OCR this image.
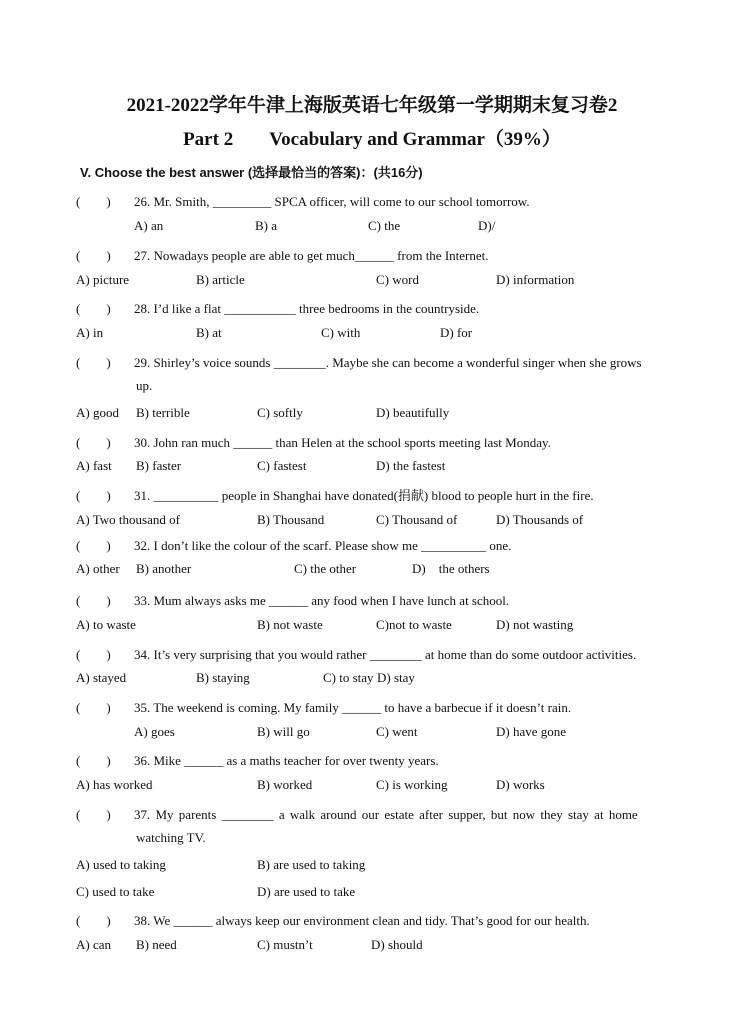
2021-2022学年牛津上海版英语七年级第一学期期末复习卷2
Part 2 Vocabulary and Grammar（39%）
V. Choose the best answer (选择最恰当的答案)：(共16分)
(　　) 26. Mr. Smith, _________ SPCA officer, will come to our school tomorrow.
A) an	B) a	C) the	D)/
(　　) 27. Nowadays people are able to get much______ from the Internet.
A) picture	B) article	C) word	D) information
(　　) 28. I’d like a flat ___________ three bedrooms in the countryside.
A) in	B) at	C) with	D) for
(　　) 29. Shirley’s voice sounds ________. Maybe she can become a wonderful singer when she grows
up.
A) good B) terrible	C) softly	D) beautifully
(　　) 30. John ran much ______ than Helen at the school sports meeting last Monday.
A) fast B) faster	C) fastest	D) the fastest
(　　) 31. __________ people in Shanghai have donated(捐献) blood to people hurt in the fire.
A) Two thousand of	B) Thousand	C) Thousand of	D) Thousands of
(　　) 32. I don’t like the colour of the scarf. Please show me __________ one.
A) other B) another	C) the other	D)    the others
(　　) 33. Mum always asks me ______ any food when I have lunch at school.
A) to waste	B) not waste	C)not to waste	D) not wasting
(　　) 34. It’s very surprising that you would rather ________ at home than do some outdoor activities.
A) stayed	B) staying	C) to stay D) stay
(　　) 35. The weekend is coming. My family ______ to have a barbecue if it doesn’t rain.
A) goes	B) will go	C) went	D) have gone
(　　) 36. Mike ______ as a maths teacher for over twenty years.
A) has worked	B) worked	C) is working	D) works
(　　) 37. My parents ________ a walk around our estate after supper, but now they stay at home
watching TV.
A) used to taking	B) are used to taking
C) used to take	D) are used to take
(　　) 38. We ______ always keep our environment clean and tidy. That’s good for our health.
A) can B) need	C) mustn’t	D) should
